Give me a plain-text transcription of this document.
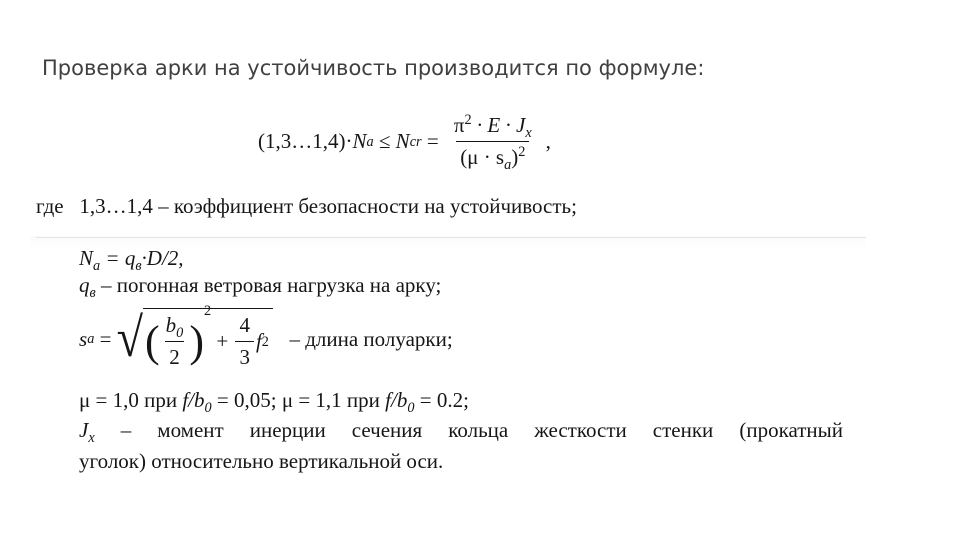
Проверка арки на устойчивость производится по формуле:
(1,3…1,4)· N a ≤ N cr = $\frac{\pi^2 \cdot E \cdot J_x}{(\mu \cdot s_a)^2}$ ,
где   1,3…1,4 – коэффициент безопасности на устойчивость;
$N_a = q_в\cdot D/2$,
$q_в$ – погонная ветровая нагрузка на арку;
s a = √ ( $\frac{b_0}{2}$ )
2
+ $\frac{4}{3}$ f 2 – длина полуарки;
μ = 1,0 при $f/b_0 = 0,05$; μ = 1,1 при $f/b_0 = 0.2$;
$J_x$ – момент инерции сечения кольца жесткости стенки (прокатный
уголок) относительно вертикальной оси.
